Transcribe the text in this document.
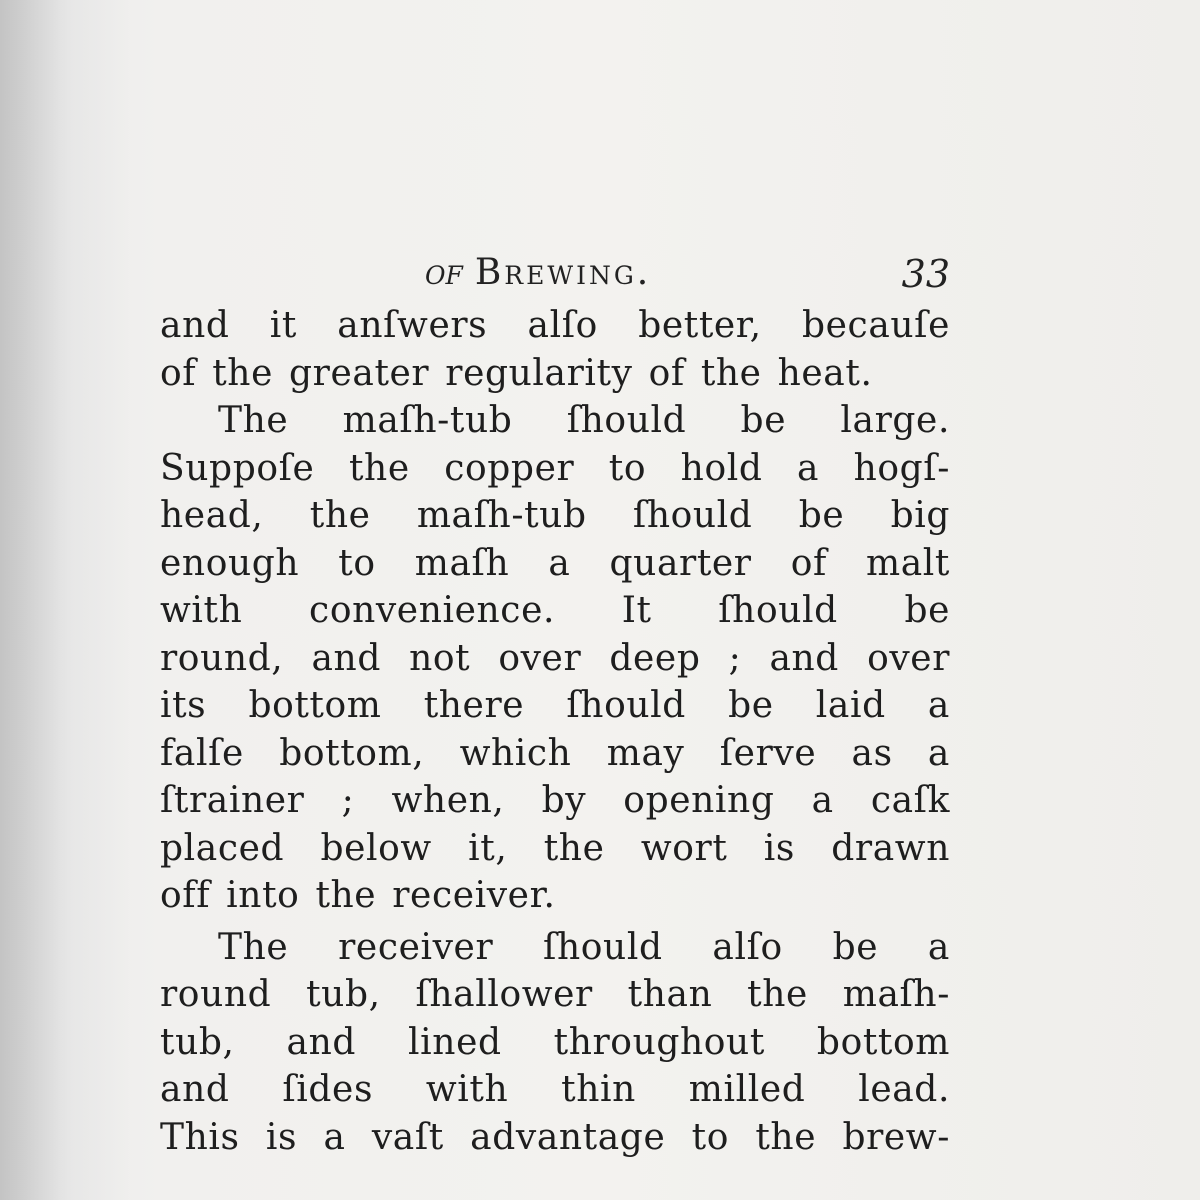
of Brewing.	33
and it anſwers alſo better, becauſe
of the greater regularity of the heat.
The maſh-tub ſhould be large.
Suppoſe the copper to hold a hogſ-
head, the maſh-tub ſhould be big
enough to maſh a quarter of malt
with convenience. It ſhould be
round, and not over deep ; and over
its bottom there ſhould be laid a
falſe bottom, which may ſerve as a
ſtrainer ; when, by opening a caſk
placed below it, the wort is drawn
off into the receiver.
The receiver ſhould alſo be a
round tub, ſhallower than the maſh-
tub, and lined throughout bottom
and ſides with thin milled lead.
This is a vaſt advantage to the brew-
